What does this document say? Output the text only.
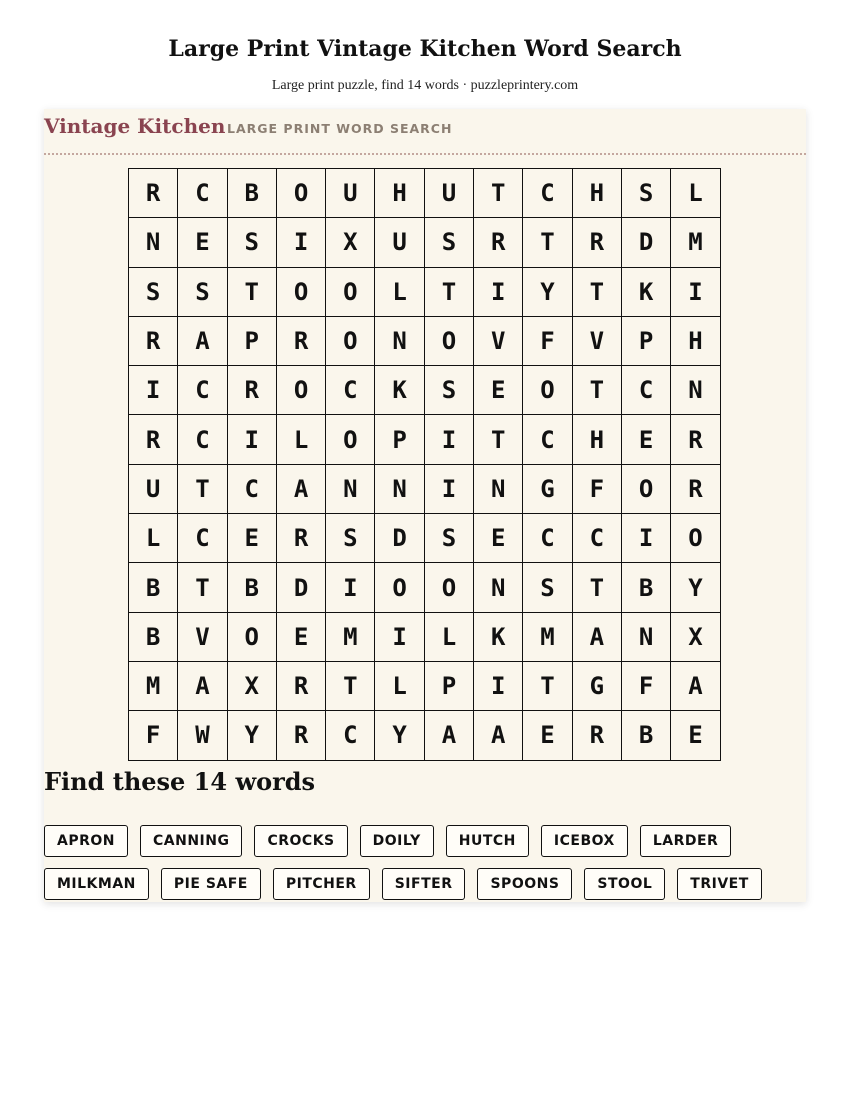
Large Print Vintage Kitchen Word Search
Large print puzzle, find 14 words · puzzleprintery.com
Vintage Kitchen LARGE PRINT WORD SEARCH
R	C	B	O	U	H	U	T	C	H	S	L
N	E	S	I	X	U	S	R	T	R	D	M
S	S	T	O	O	L	T	I	Y	T	K	I
R	A	P	R	O	N	O	V	F	V	P	H
I	C	R	O	C	K	S	E	O	T	C	N
R	C	I	L	O	P	I	T	C	H	E	R
U	T	C	A	N	N	I	N	G	F	O	R
L	C	E	R	S	D	S	E	C	C	I	O
B	T	B	D	I	O	O	N	S	T	B	Y
B	V	O	E	M	I	L	K	M	A	N	X
M	A	X	R	T	L	P	I	T	G	F	A
F	W	Y	R	C	Y	A	A	E	R	B	E
Find these 14 words
APRON	CANNING	CROCKS	DOILY	HUTCH	ICEBOX	LARDER
MILKMAN	PIE SAFE	PITCHER	SIFTER	SPOONS	STOOL	TRIVET
